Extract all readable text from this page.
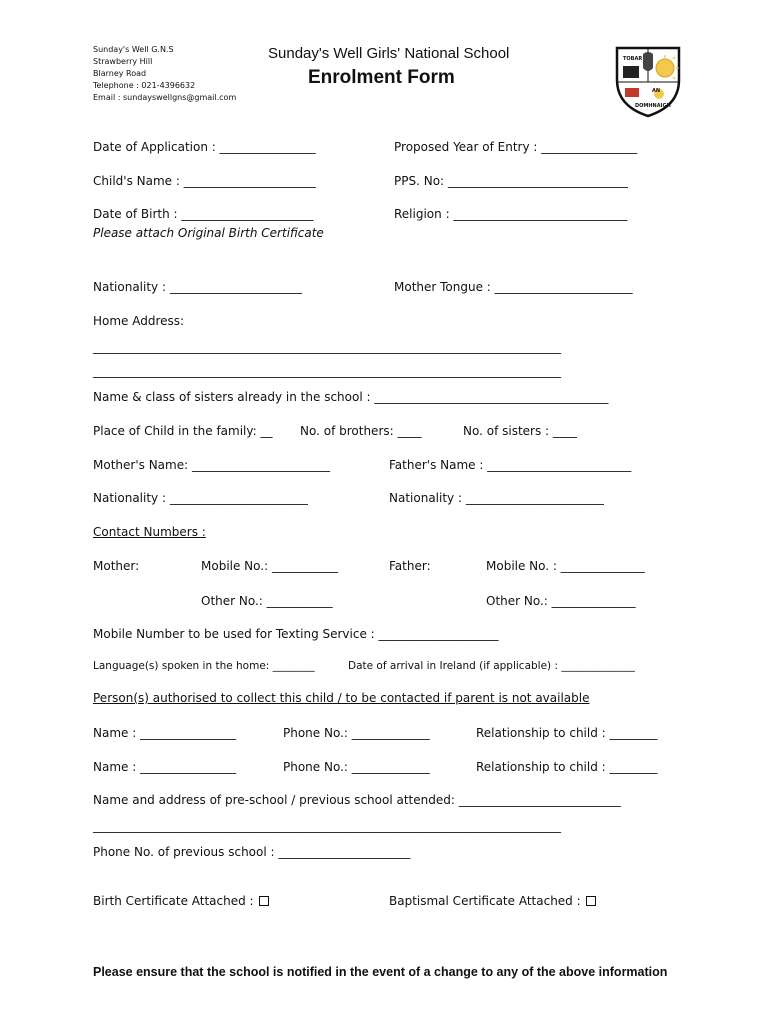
Sunday's Well G.N.S
Strawberry Hill
Blarney Road
Telephone : 021-4396632
Email : sundayswellgns@gmail.com
Sunday's Well Girls' National School
Enrolment Form
TOBAR
AN
DOMHNAIGH
Date of Application : ________________	Proposed Year of Entry : ________________
Child's Name : ______________________	PPS. No: ______________________________
Date of Birth : ______________________	Religion : _____________________________
Please attach Original Birth Certificate
Nationality : ______________________	Mother Tongue : _______________________
Home Address:
______________________________________________________________________________
______________________________________________________________________________
Name & class of sisters already in the school : _______________________________________
Place of Child in the family: __ No. of brothers: ____	No. of sisters : ____
Mother's Name: _______________________	Father's Name : ________________________
Nationality : _______________________	Nationality : _______________________
Contact Numbers :
Mother:	Mobile No.: ___________	Father:	Mobile No. : ______________
Other No.: ___________	Other No.: ______________
Mobile Number to be used for Texting Service : ____________________
Language(s) spoken in the home: ________	Date of arrival in Ireland (if applicable) : ______________
Person(s) authorised to collect this child / to be contacted if parent is not available
Name : ________________	Phone No.: _____________	Relationship to child : ________
Name : ________________	Phone No.: _____________	Relationship to child : ________
Name and address of pre-school / previous school attended: ___________________________
______________________________________________________________________________
Phone No. of previous school : ______________________
Birth Certificate Attached :	Baptismal Certificate Attached :
Please ensure that the school is notified in the event of a change to any of the above information
